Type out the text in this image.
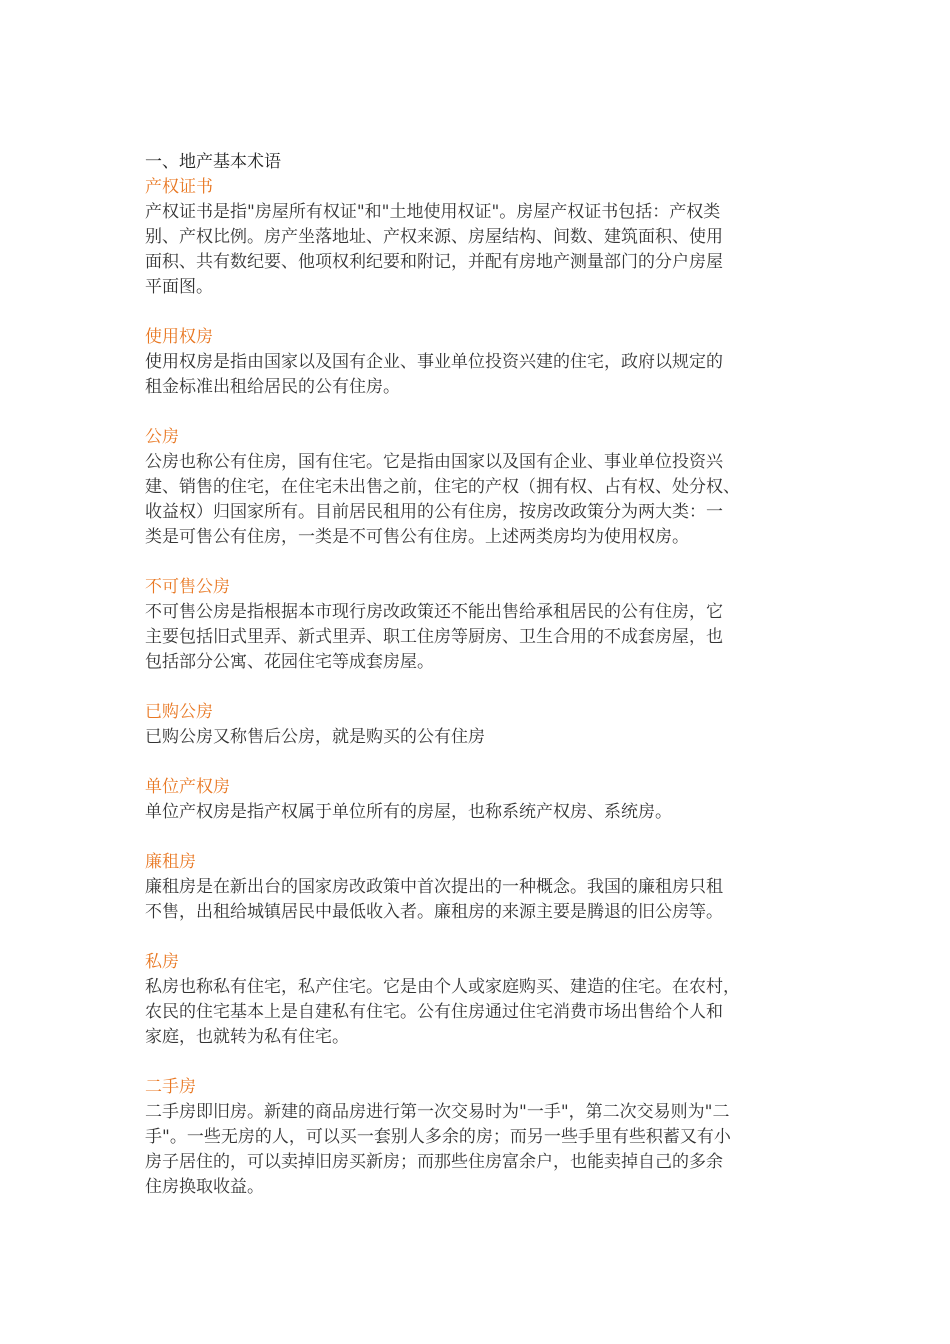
一、地产基本术语

产权证书

产权证书是指"房屋所有权证"和"土地使用权证"。房屋产权证书包括：产权类

别、产权比例。房产坐落地址、产权来源、房屋结构、间数、建筑面积、使用

面积、共有数纪要、他项权利纪要和附记，并配有房地产测量部门的分户房屋

平面图。

使用权房

使用权房是指由国家以及国有企业、事业单位投资兴建的住宅，政府以规定的

租金标准出租给居民的公有住房。

公房

公房也称公有住房，国有住宅。它是指由国家以及国有企业、事业单位投资兴

建、销售的住宅，在住宅未出售之前，住宅的产权（拥有权、占有权、处分权、

收益权）归国家所有。目前居民租用的公有住房，按房改政策分为两大类：一

类是可售公有住房，一类是不可售公有住房。上述两类房均为使用权房。

不可售公房

不可售公房是指根据本市现行房改政策还不能出售给承租居民的公有住房，它

主要包括旧式里弄、新式里弄、职工住房等厨房、卫生合用的不成套房屋，也

包括部分公寓、花园住宅等成套房屋。

已购公房

已购公房又称售后公房，就是购买的公有住房

单位产权房

单位产权房是指产权属于单位所有的房屋，也称系统产权房、系统房。

廉租房

廉租房是在新出台的国家房改政策中首次提出的一种概念。我国的廉租房只租

不售，出租给城镇居民中最低收入者。廉租房的来源主要是腾退的旧公房等。

私房

私房也称私有住宅，私产住宅。它是由个人或家庭购买、建造的住宅。在农村，

农民的住宅基本上是自建私有住宅。公有住房通过住宅消费市场出售给个人和

家庭，也就转为私有住宅。

二手房

二手房即旧房。新建的商品房进行第一次交易时为"一手"，第二次交易则为"二

手"。一些无房的人，可以买一套别人多余的房；而另一些手里有些积蓄又有小

房子居住的，可以卖掉旧房买新房；而那些住房富余户，也能卖掉自己的多余

住房换取收益。
